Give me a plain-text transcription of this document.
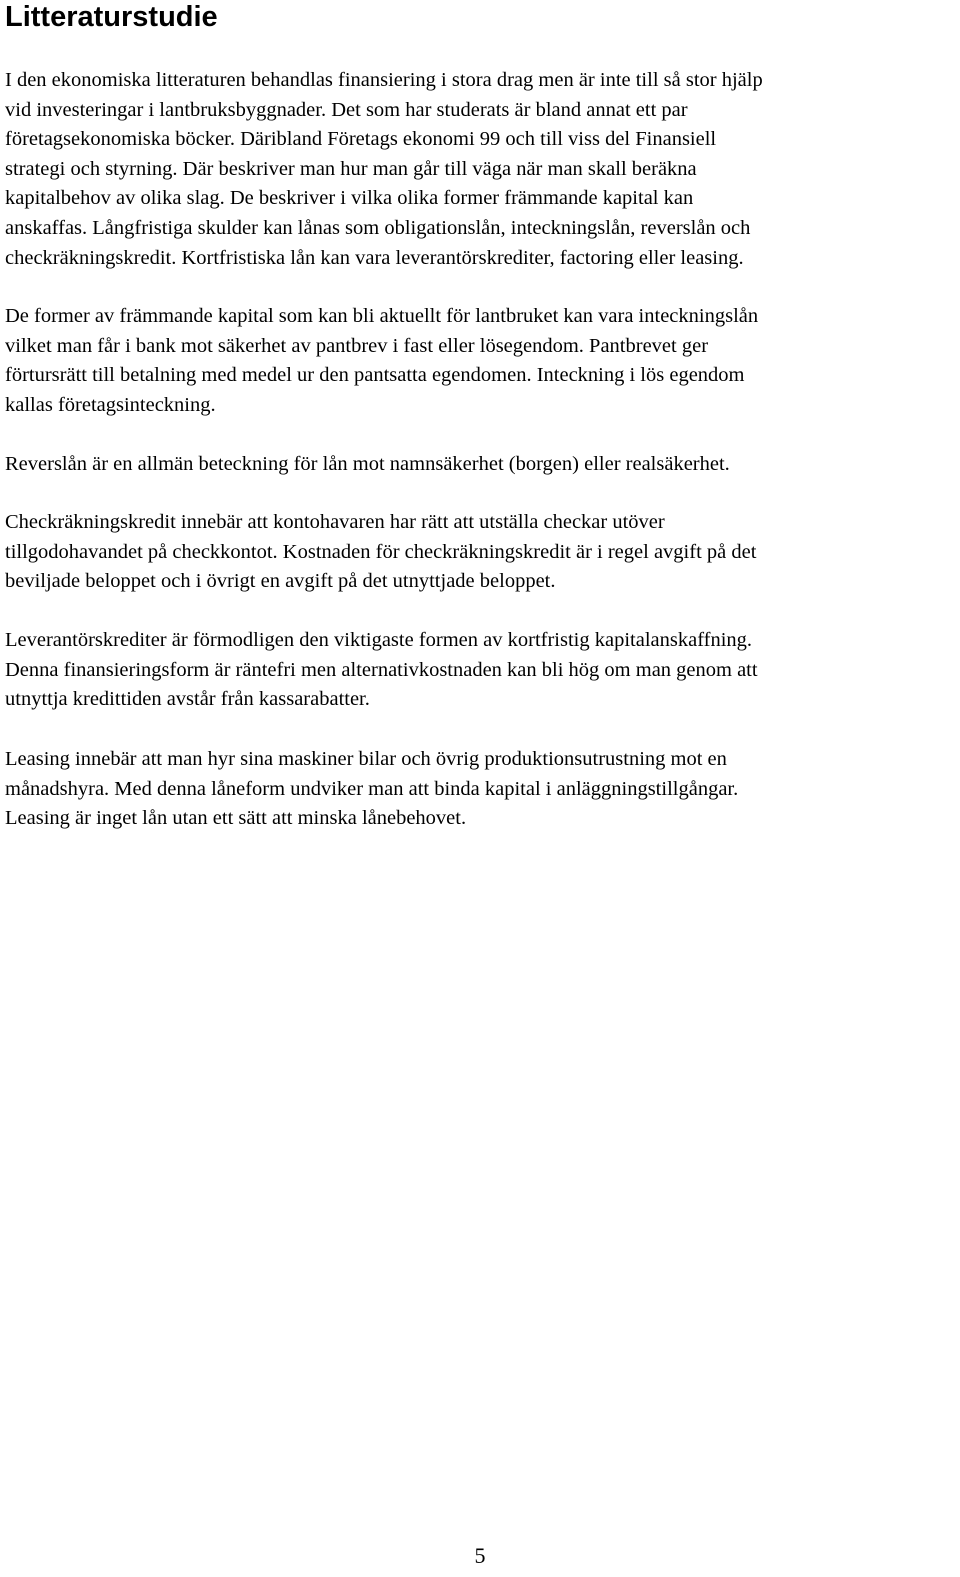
Litteraturstudie

I den ekonomiska litteraturen behandlas finansiering i stora drag men är inte till så stor hjälp
vid investeringar i lantbruksbyggnader. Det som har studerats är bland annat ett par
företagsekonomiska böcker. Däribland Företags ekonomi 99 och till viss del Finansiell
strategi och styrning. Där beskriver man hur man går till väga när man skall beräkna
kapitalbehov av olika slag. De beskriver i vilka olika former främmande kapital kan
anskaffas. Långfristiga skulder kan lånas som obligationslån, inteckningslån, reverslån och
checkräkningskredit. Kortfristiska lån kan vara leverantörskrediter, factoring eller leasing.

De former av främmande kapital som kan bli aktuellt för lantbruket kan vara inteckningslån
vilket man får i bank mot säkerhet av pantbrev i fast eller lösegendom. Pantbrevet ger
förtursrätt till betalning med medel ur den pantsatta egendomen. Inteckning i lös egendom
kallas företagsinteckning.

Reverslån är en allmän beteckning för lån mot namnsäkerhet (borgen) eller realsäkerhet.

Checkräkningskredit innebär att kontohavaren har rätt att utställa checkar utöver
tillgodohavandet på checkkontot. Kostnaden för checkräkningskredit är i regel avgift på det
beviljade beloppet och i övrigt en avgift på det utnyttjade beloppet.

Leverantörskrediter är förmodligen den viktigaste formen av kortfristig kapitalanskaffning.
Denna finansieringsform är räntefri men alternativkostnaden kan bli hög om man genom att
utnyttja kredittiden avstår från kassarabatter.

Leasing innebär att man hyr sina maskiner bilar och övrig produktionsutrustning mot en
månadshyra. Med denna låneform undviker man att binda kapital i anläggningstillgångar.
Leasing är inget lån utan ett sätt att minska lånebehovet.

5
